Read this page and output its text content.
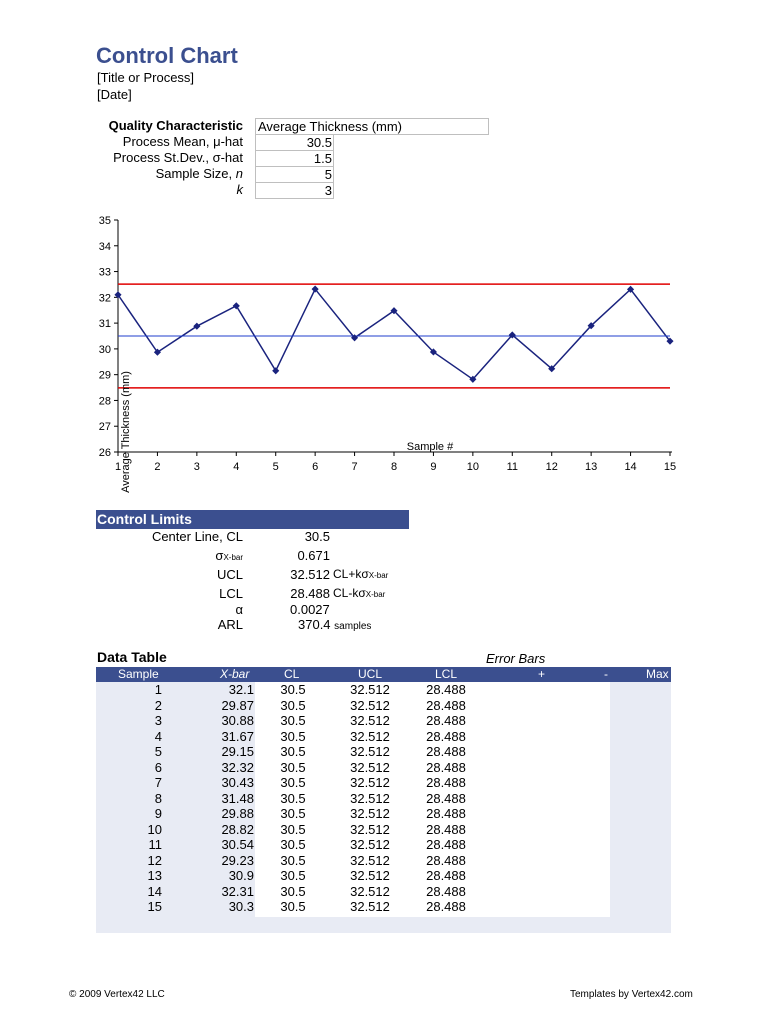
Control Chart
[Title or Process]
[Date]
Quality Characteristic Average Thickness (mm)
Process Mean, μ-hat	30.5
Process St.Dev., σ-hat	1.5
Sample Size, n	5
k	3
26
27
28
29
30
31
32
33
34
35
1	2	3	4	5	6	7	8	9	10	11	12 13 14 15
Sample #
Average Thickness (mm)
Control Limits
Center Line, CL	30.5
σX-bar	0.671
UCL	32.512 CL+kσX-bar
LCL	28.488 CL-kσX-bar
α	0.0027
ARL	370.4 samples
Data Table	Error Bars
Sample	X-bar	CL	UCL	LCL	+	-	Max
1	32.1	30.5	32.512	28.488
2	29.87	30.5	32.512	28.488
3	30.88	30.5	32.512	28.488
4	31.67	30.5	32.512	28.488
5	29.15	30.5	32.512	28.488
6	32.32	30.5	32.512	28.488
7	30.43	30.5	32.512	28.488
8	31.48	30.5	32.512	28.488
9	29.88	30.5	32.512	28.488
10	28.82	30.5	32.512	28.488
11	30.54	30.5	32.512	28.488
12	29.23	30.5	32.512	28.488
13	30.9	30.5	32.512	28.488
14	32.31	30.5	32.512	28.488
15	30.3	30.5	32.512	28.488
© 2009 Vertex42 LLC	Templates by Vertex42.com
